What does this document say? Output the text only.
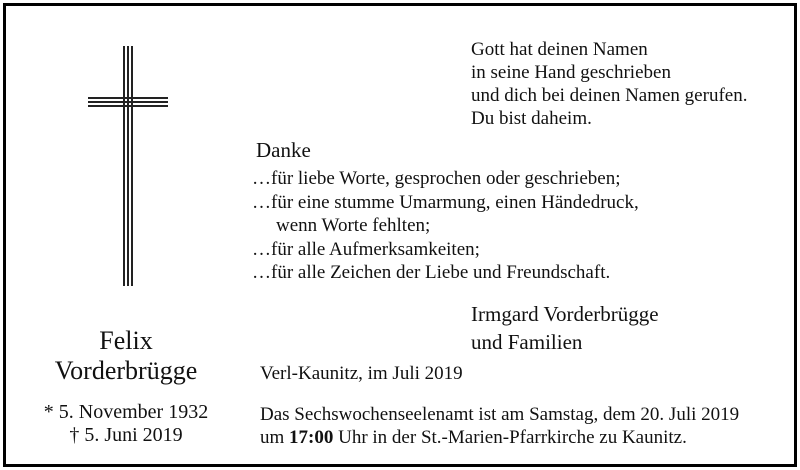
Gott hat deinen Namen
in seine Hand geschrieben
und dich bei deinen Namen gerufen.
Du bist daheim.
Danke
…für liebe Worte, gesprochen oder geschrieben;
…für eine stumme Umarmung, einen Händedruck,
wenn Worte fehlten;
…für alle Aufmerksamkeiten;
…für alle Zeichen der Liebe und Freundschaft.
Irmgard Vorderbrügge
und Familien
Felix
Vorderbrügge
* 5. November 1932
† 5. Juni 2019
Verl-Kaunitz, im Juli 2019
Das Sechswochenseelenamt ist am Samstag, dem 20. Juli 2019
um 17:00 Uhr in der St.-Marien-Pfarrkirche zu Kaunitz.
